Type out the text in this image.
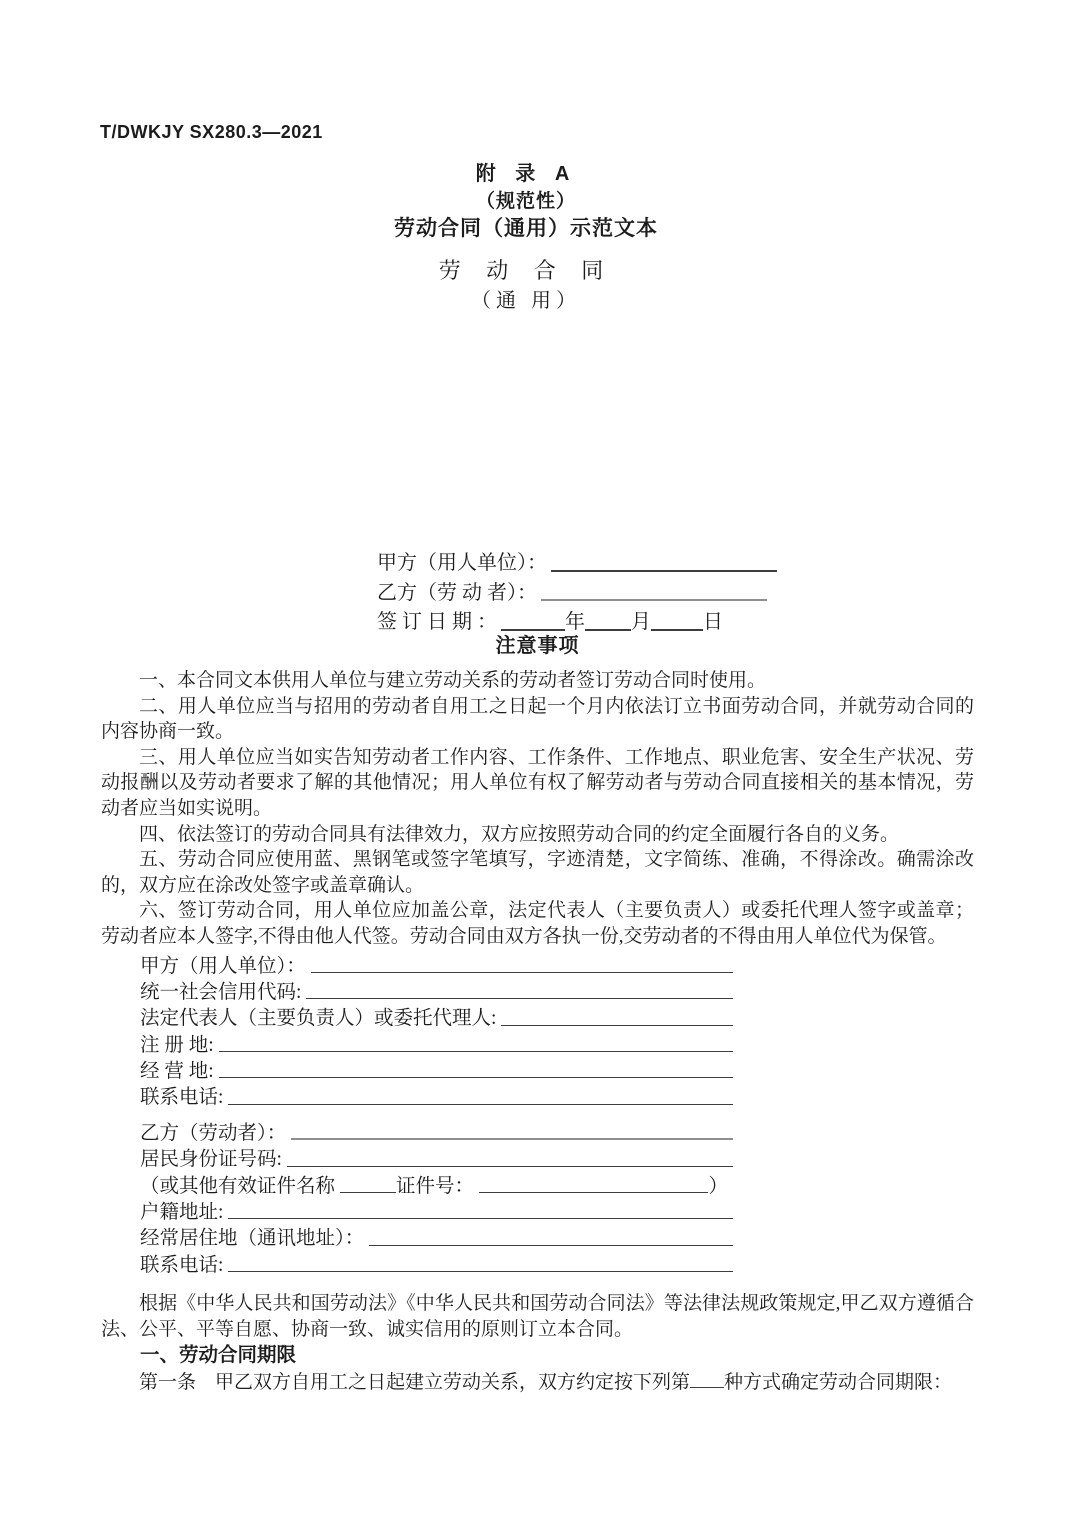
T/DWKJY SX280.3—2021
附 录 A
（规范性）
劳动合同（通用）示范文本
劳 动 合 同
（通 用）
甲方（用人单位）：
乙方（劳 动 者）：
签 订 日 期 ：	年 月	日
注意事项

一、本合同文本供用人单位与建立劳动关系的劳动者签订劳动合同时使用。

二、用人单位应当与招用的劳动者自用工之日起一个月内依法订立书面劳动合同，并就劳动合同的内容协商一致。

三、用人单位应当如实告知劳动者工作内容、工作条件、工作地点、职业危害、安全生产状况、劳动报酬以及劳动者要求了解的其他情况；用人单位有权了解劳动者与劳动合同直接相关的基本情况，劳动者应当如实说明。

四、依法签订的劳动合同具有法律效力，双方应按照劳动合同的约定全面履行各自的义务。

五、劳动合同应使用蓝、黑钢笔或签字笔填写，字迹清楚，文字简练、准确，不得涂改。确需涂改的，双方应在涂改处签字或盖章确认。

六、签订劳动合同，用人单位应加盖公章，法定代表人（主要负责人）或委托代理人签字或盖章；劳动者应本人签字,不得由他人代签。劳动合同由双方各执一份,交劳动者的不得由用人单位代为保管。

甲方（用人单位）：
统一社会信用代码:
法定代表人（主要负责人）或委托代理人:
注 册 地:
经 营 地:
联系电话:
乙方（劳动者）：
居民身份证号码:
（或其他有效证件名称	证件号：	）
户籍地址:
经常居住地（通讯地址）：
联系电话:

根据《中华人民共和国劳动法》《中华人民共和国劳动合同法》等法律法规政策规定,甲乙双方遵循合法、公平、平等自愿、协商一致、诚实信用的原则订立本合同。

一、劳动合同期限

第一条　甲乙双方自用工之日起建立劳动关系，双方约定按下列第 种方式确定劳动合同期限：
